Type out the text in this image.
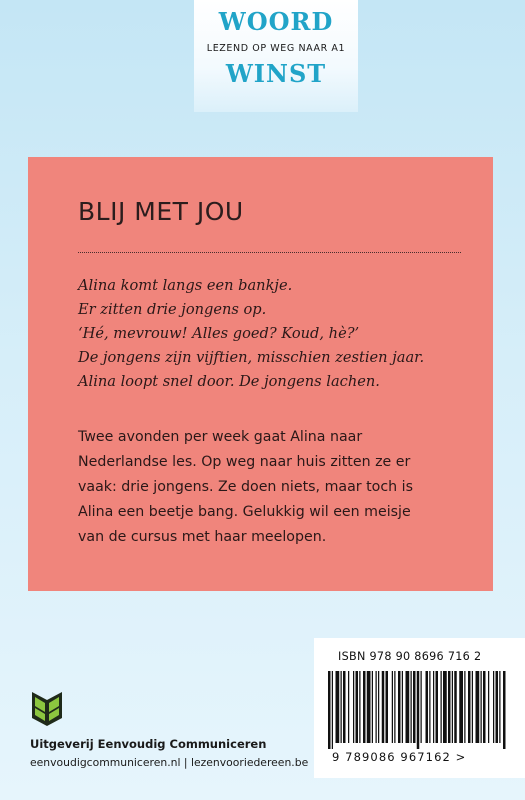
WOORD
LEZEND OP WEG NAAR A1
WINST
BLIJ MET JOU
Alina komt langs een bankje.
Er zitten drie jongens op.
‘Hé, mevrouw! Alles goed? Koud, hè?’
De jongens zijn vijftien, misschien zestien jaar.
Alina loopt snel door. De jongens lachen.
Twee avonden per week gaat Alina naar
Nederlandse les. Op weg naar huis zitten ze er
vaak: drie jongens. Ze doen niets, maar toch is
Alina een beetje bang. Gelukkig wil een meisje
van de cursus met haar meelopen.
Uitgeverij Eenvoudig Communiceren
eenvoudigcommuniceren.nl | lezenvooriedereen.be
ISBN 978 90 8696 716 2
9 789086 967162 >
